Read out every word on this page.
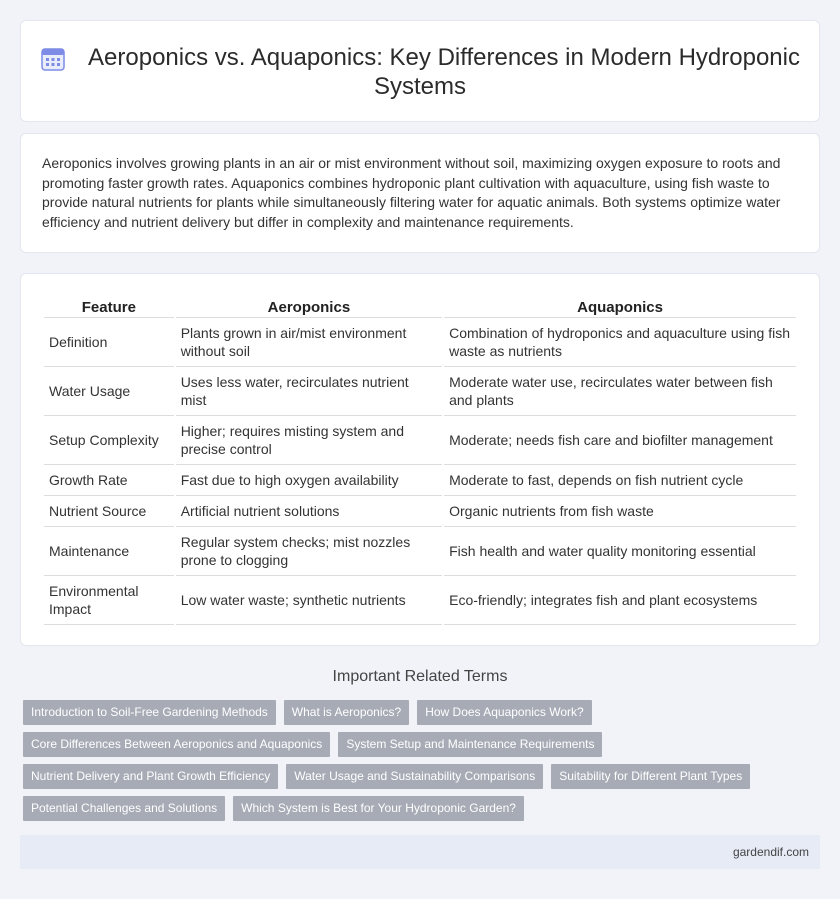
Aeroponics vs. Aquaponics: Key Differences in Modern Hydroponic Systems

Aeroponics involves growing plants in an air or mist environment without soil, maximizing oxygen exposure to roots and promoting faster growth rates. Aquaponics combines hydroponic plant cultivation with aquaculture, using fish waste to provide natural nutrients for plants while simultaneously filtering water for aquatic animals. Both systems optimize water efficiency and nutrient delivery but differ in complexity and maintenance requirements.

Feature	Aeroponics	Aquaponics
Definition	Plants grown in air/mist environment without soil	Combination of hydroponics and aquaculture using fish waste as nutrients
Water Usage	Uses less water, recirculates nutrient mist	Moderate water use, recirculates water between fish and plants
Setup Complexity	Higher; requires misting system and precise control	Moderate; needs fish care and biofilter management
Growth Rate	Fast due to high oxygen availability	Moderate to fast, depends on fish nutrient cycle
Nutrient Source	Artificial nutrient solutions	Organic nutrients from fish waste
Maintenance	Regular system checks; mist nozzles prone to clogging	Fish health and water quality monitoring essential
Environmental Impact	Low water waste; synthetic nutrients	Eco-friendly; integrates fish and plant ecosystems
Important Related Terms
Introduction to Soil-Free Gardening Methods	What is Aeroponics?	How Does Aquaponics Work?
Core Differences Between Aeroponics and Aquaponics	System Setup and Maintenance Requirements
Nutrient Delivery and Plant Growth Efficiency	Water Usage and Sustainability Comparisons	Suitability for Different Plant Types
Potential Challenges and Solutions	Which System is Best for Your Hydroponic Garden?
gardendif.com
